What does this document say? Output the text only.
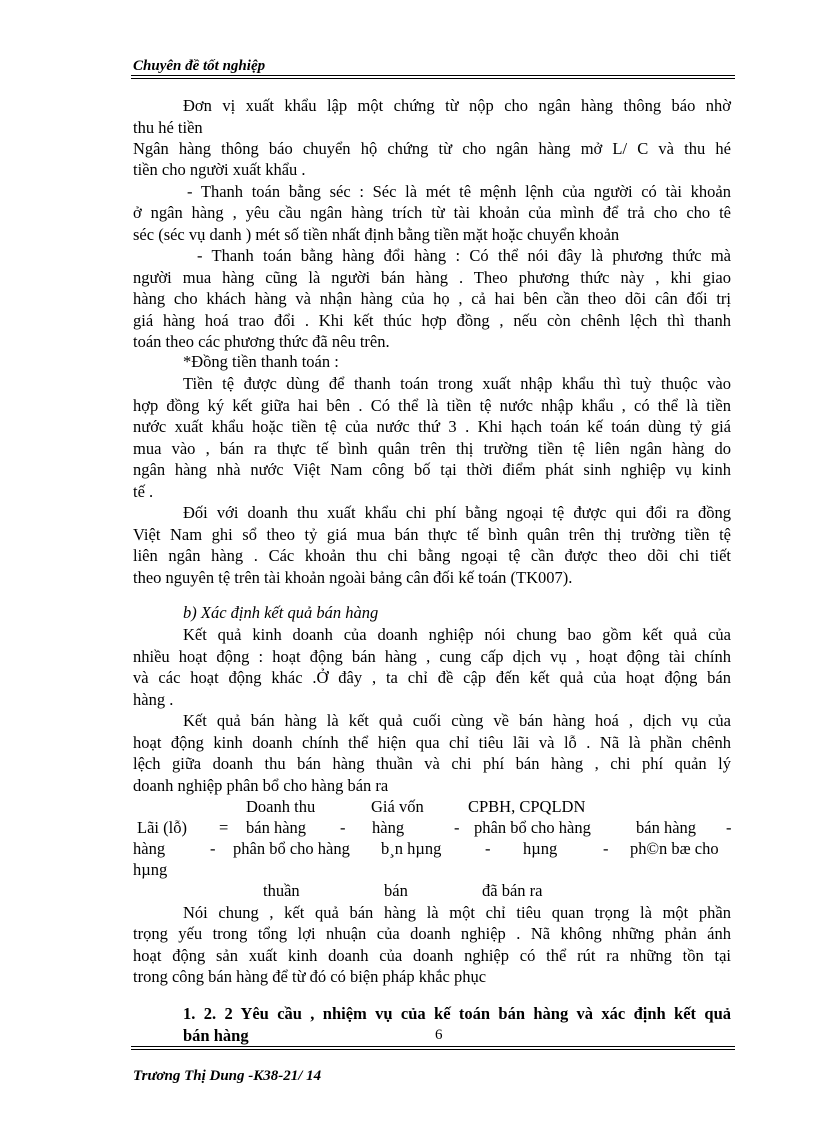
Chuyên đề tốt nghiệp
Đơn vị xuất khẩu lập một chứng từ nộp cho ngân hàng thông báo nhờ
thu hé tiền
Ngân hàng thông báo chuyển hộ chứng từ cho ngân hàng mở L/ C và thu hé
tiền cho người xuất khẩu .
- Thanh toán bằng séc : Séc là mét tê mệnh lệnh của người có tài khoản
ở ngân hàng , yêu cầu ngân hàng trích từ tài khoản của mình để trả cho cho tê
séc (séc vụ danh ) mét số tiền nhất định bằng tiền mặt hoặc chuyển khoản
- Thanh toán bằng hàng đổi hàng : Có thể nói đây là phương thức mà
người mua hàng cũng là người bán hàng . Theo phương thức này , khi giao
hàng cho khách hàng và nhận hàng của họ , cả hai bên cần theo dõi cân đối trị
giá hàng hoá trao đổi . Khi kết thúc hợp đồng , nếu còn chênh lệch thì thanh
toán theo các phương thức đã nêu trên.
*Đồng tiền thanh toán :
Tiền tệ được dùng để thanh toán trong xuất nhập khẩu thì tuỳ thuộc vào
hợp đồng ký kết giữa hai bên . Có thể là tiền tệ nước nhập khẩu , có thể là tiền
nước xuất khẩu hoặc tiền tệ của nước thứ 3 . Khi hạch toán kế toán dùng tỷ giá
mua vào , bán ra thực tế bình quân trên thị trường tiền tệ liên ngân hàng do
ngân hàng nhà nước Việt Nam công bố tại thời điểm phát sinh nghiệp vụ kinh
tế .
Đối với doanh thu xuất khẩu chi phí bằng ngoại tệ được qui đổi ra đồng
Việt Nam ghi sổ theo tỷ giá mua bán thực tế bình quân trên thị trường tiền tệ
liên ngân hàng . Các khoản thu chi bằng ngoại tệ cần được theo dõi chi tiết
theo nguyên tệ trên tài khoản ngoài bảng cân đối kế toán (TK007).
b) Xác định kết quả bán hàng
Kết quả kinh doanh của doanh nghiệp nói chung bao gồm kết quả của
nhiều hoạt động : hoạt động bán hàng , cung cấp dịch vụ , hoạt động tài chính
và các hoạt động khác .Ở đây , ta chỉ đề cập đến kết quả của hoạt động bán
hàng .
Kết quả bán hàng là kết quả cuối cùng về bán hàng hoá , dịch vụ của
hoạt động kinh doanh chính thể hiện qua chỉ tiêu lãi và lỗ . Nã là phần chênh
lệch giữa doanh thu bán hàng thuần và chi phí bán hàng , chi phí quản lý
doanh nghiệp phân bổ cho hàng bán ra
Doanh thu	Giá vốn	CPBH, CPQLDN
Lãi (lỗ) = bán hàng - hàng	- phân bổ cho hàng	bán hàng -
hàng	- phân bổ cho hàng b¸n hµng	- hµng	- ph©n bæ cho
hµng
thuần	bán	đã bán ra
Nói chung , kết quả bán hàng là một chỉ tiêu quan trọng là một phần
trọng yếu trong tổng lợi nhuận của doanh nghiệp . Nã không những phản ánh
hoạt động sản xuất kinh doanh của doanh nghiệp có thể rút ra những tồn tại
trong công bán hàng để từ đó có biện pháp khắc phục
1. 2. 2 Yêu cầu , nhiệm vụ của kế toán bán hàng và xác định kết quả
bán hàng	6
Trương Thị Dung -K38-21/ 14
